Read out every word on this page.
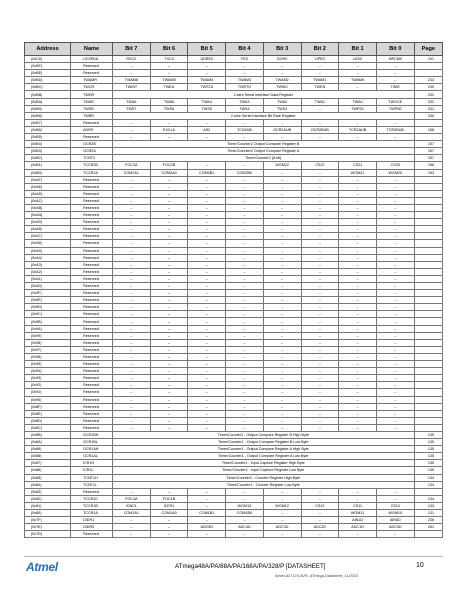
Address	Name	Bit 7	Bit 6	Bit 5	Bit 4	Bit 3	Bit 2	Bit 1	Bit 0	Page
(0xC0)	UCSR0A	RXC0	TXC0	UDRE0	FE0	DOR0	UPE0	U2X0	MPCM0	191
(0xBF)	Reserved	–	–	–	–	–	–	–	–	
(0xBE)	Reserved	–	–	–	–	–	–	–	–	
(0xBD)	TWAMR	TWAM6	TWAM5	TWAM4	TWAM3	TWAM2	TWAM1	TWAM0	–	233
(0xBC)	TWCR	TWINT	TWEA	TWSTA	TWSTO	TWWC	TWEN	–	TWIE	230
(0xBB)	TWDR	2-wire Serial Interface Data Register								232
(0xBA)	TWAR	TWA6	TWA5	TWA4	TWA3	TWA2	TWA1	TWA0	TWGCE	232
(0xB9)	TWSR	TWS7	TWS6	TWS5	TWS4	TWS3	–	TWPS1	TWPS0	231
(0xB8)	TWBR	2-wire Serial Interface Bit Rate Register								230
(0xB7)	Reserved	–	–	–	–	–	–	–	–	
(0xB6)	ASSR	–	EXCLK	AS2	TCN2UB	OCR2AUB	OCR2BUB	TCR2AUB	TCR2BUB	158
(0xB5)	Reserved	–	–	–	–	–	–	–	–	
(0xB4)	OCR2B	Timer/Counter2 Output Compare Register B								157
(0xB3)	OCR2A	Timer/Counter2 Output Compare Register A								157
(0xB2)	TCNT2	Timer/Counter2 (8-bit)								157
(0xB1)	TCCR2B	FOC2A	FOC2B	–	–	WGM22	CS22	CS21	CS20	156
(0xB0)	TCCR2A	COM2A1	COM2A0	COM2B1	COM2B0	–	–	WGM21	WGM20	153
(0xAF)	Reserved	–	–	–	–	–	–	–	–	
(0xAE)	Reserved	–	–	–	–	–	–	–	–	
(0xAD)	Reserved	–	–	–	–	–	–	–	–	
(0xAC)	Reserved	–	–	–	–	–	–	–	–	
(0xAB)	Reserved	–	–	–	–	–	–	–	–	
(0xAA)	Reserved	–	–	–	–	–	–	–	–	
(0xA9)	Reserved	–	–	–	–	–	–	–	–	
(0xA8)	Reserved	–	–	–	–	–	–	–	–	
(0xA7)	Reserved	–	–	–	–	–	–	–	–	
(0xA6)	Reserved	–	–	–	–	–	–	–	–	
(0xA5)	Reserved	–	–	–	–	–	–	–	–	
(0xA4)	Reserved	–	–	–	–	–	–	–	–	
(0xA3)	Reserved	–	–	–	–	–	–	–	–	
(0xA2)	Reserved	–	–	–	–	–	–	–	–	
(0xA1)	Reserved	–	–	–	–	–	–	–	–	
(0xA0)	Reserved	–	–	–	–	–	–	–	–	
(0x9F)	Reserved	–	–	–	–	–	–	–	–	
(0x9E)	Reserved	–	–	–	–	–	–	–	–	
(0x9D)	Reserved	–	–	–	–	–	–	–	–	
(0x9C)	Reserved	–	–	–	–	–	–	–	–	
(0x9B)	Reserved	–	–	–	–	–	–	–	–	
(0x9A)	Reserved	–	–	–	–	–	–	–	–	
(0x99)	Reserved	–	–	–	–	–	–	–	–	
(0x98)	Reserved	–	–	–	–	–	–	–	–	
(0x97)	Reserved	–	–	–	–	–	–	–	–	
(0x96)	Reserved	–	–	–	–	–	–	–	–	
(0x95)	Reserved	–	–	–	–	–	–	–	–	
(0x94)	Reserved	–	–	–	–	–	–	–	–	
(0x93)	Reserved	–	–	–	–	–	–	–	–	
(0x92)	Reserved	–	–	–	–	–	–	–	–	
(0x91)	Reserved	–	–	–	–	–	–	–	–	
(0x90)	Reserved	–	–	–	–	–	–	–	–	
(0x8F)	Reserved	–	–	–	–	–	–	–	–	
(0x8E)	Reserved	–	–	–	–	–	–	–	–	
(0x8D)	Reserved	–	–	–	–	–	–	–	–	
(0x8C)	Reserved	–	–	–	–	–	–	–	–	
(0x8B)	OCR1BH	Timer/Counter1 - Output Compare Register B High Byte								135
(0x8A)	OCR1BL	Timer/Counter1 - Output Compare Register B Low Byte								135
(0x89)	OCR1AH	Timer/Counter1 - Output Compare Register A High Byte								135
(0x88)	OCR1AL	Timer/Counter1 - Output Compare Register A Low Byte								135
(0x87)	ICR1H	Timer/Counter1 - Input Capture Register High Byte								135
(0x86)	ICR1L	Timer/Counter1 - Input Capture Register Low Byte								135
(0x85)	TCNT1H	Timer/Counter1 - Counter Register High Byte								134
(0x84)	TCNT1L	Timer/Counter1 - Counter Register Low Byte								134
(0x83)	Reserved	–	–	–	–	–	–	–	–	
(0x82)	TCCR1C	FOC1A	FOC1B	–	–	–	–	–	–	134
(0x81)	TCCR1B	ICNC1	ICES1	–	WGM13	WGM12	CS12	CS11	CS10	133
(0x80)	TCCR1A	COM1A1	COM1A0	COM1B1	COM1B0	–	–	WGM11	WGM10	131
(0x7F)	DIDR1	–	–	–	–	–	–	AIN1D	AIN0D	236
(0x7E)	DIDR0	–	–	ADC5D	ADC4D	ADC3D	ADC2D	ADC1D	ADC0D	251
(0x7D)	Reserved	–	–	–	–	–	–	–	–	
Atmel	ATmega48A/PA/88A/PA/168A/PA/328/P [DATASHEET]	10
Atmel-8271JS-AVR- ATmega-Datasheet_11/2015
